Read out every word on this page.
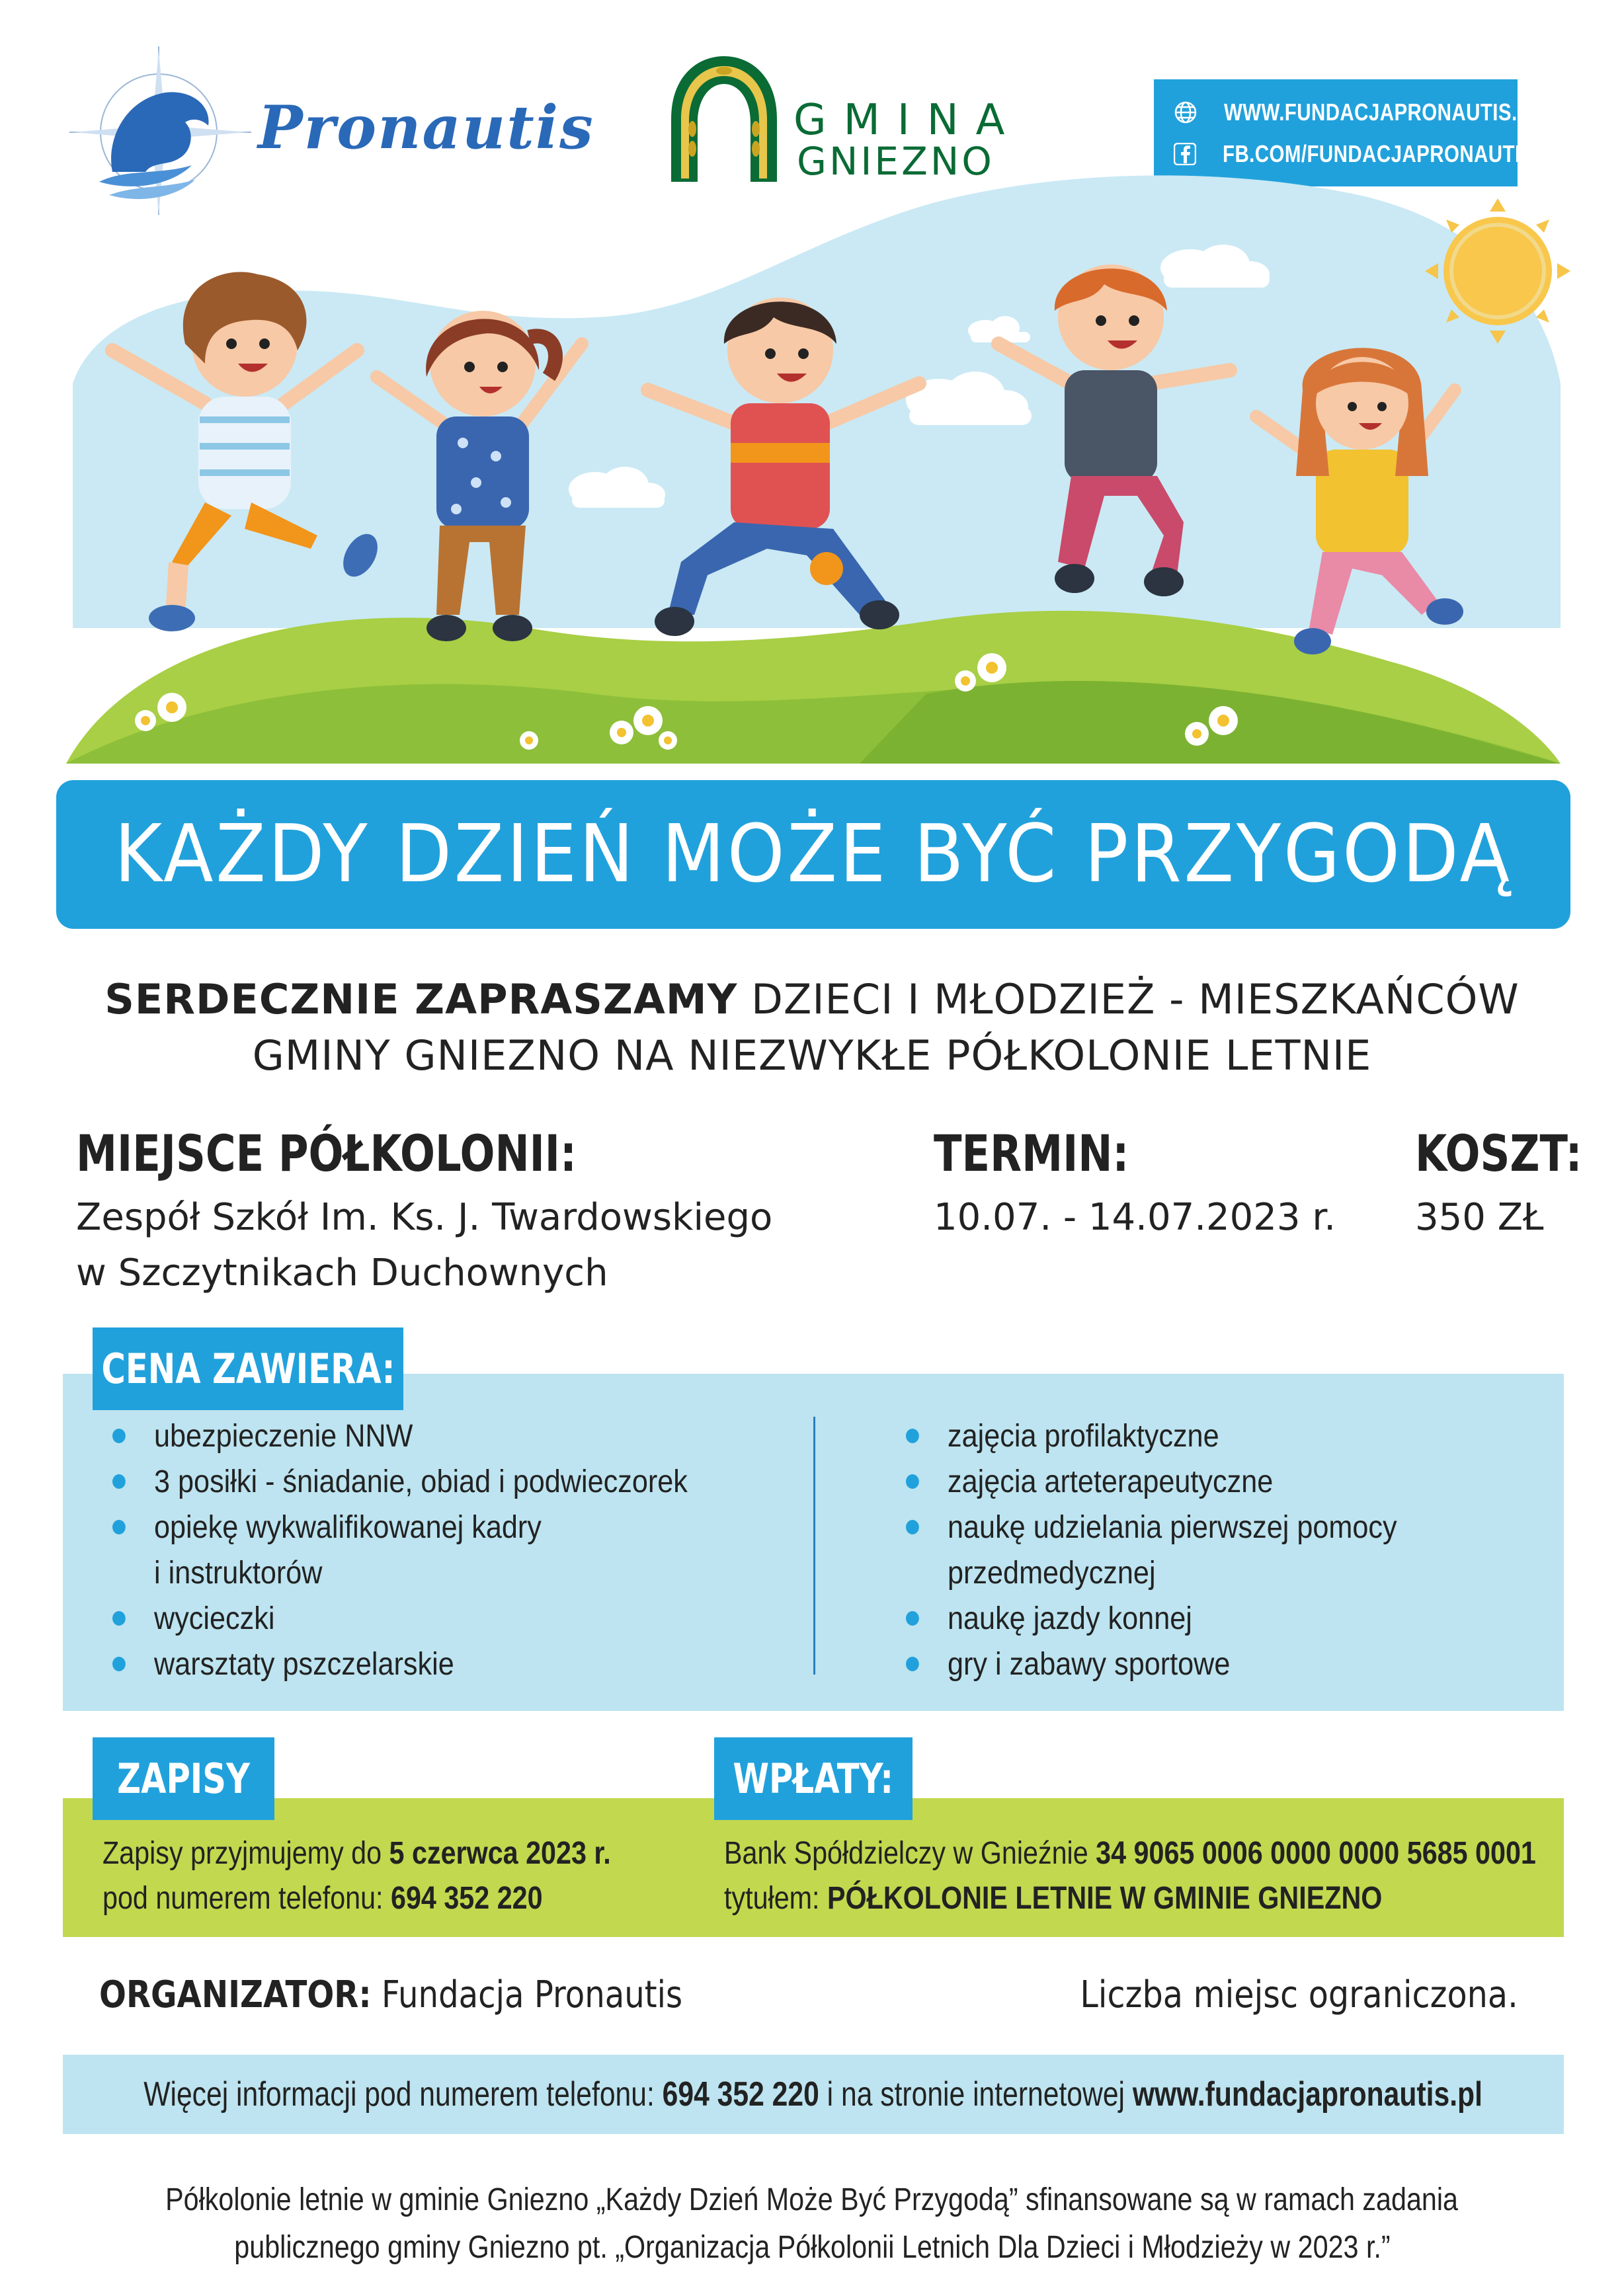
Pronautis	GMINA
GNIEZNO
WWW.FUNDACJAPRONAUTIS.PL
FB.COM/FUNDACJAPRONAUTIS
KAŻDY DZIEŃ MOŻE BYĆ PRZYGODĄ
SERDECZNIE ZAPRASZAMY DZIECI I MŁODZIEŻ - MIESZKAŃCÓW
GMINY GNIEZNO NA NIEZWYKŁE PÓŁKOLONIE LETNIE
MIEJSCE PÓŁKOLONII:
Zespół Szkół Im. Ks. J. Twardowskiego
w Szczytnikach Duchownych
TERMIN:
10.07. - 14.07.2023 r.
KOSZT:
350 ZŁ
ubezpieczenie NNW
3 posiłki - śniadanie, obiad i podwieczorek
opiekę wykwalifikowanej kadry
i instruktorów
wycieczki
warsztaty pszczelarskie
zajęcia profilaktyczne
zajęcia arteterapeutyczne
naukę udzielania pierwszej pomocy
przedmedycznej
naukę jazdy konnej
gry i zabawy sportowe
CENA ZAWIERA:

Zapisy przyjmujemy do 5 czerwca 2023 r.

pod numerem telefonu: 694 352 220

ZAPISY

Bank Spółdzielczy w Gnieźnie 34 9065 0006 0000 0000 5685 0001

tytułem: PÓŁKOLONIE LETNIE W GMINIE GNIEZNO

WPŁATY:
ORGANIZATOR: Fundacja Pronautis	Liczba miejsc ograniczona.

Więcej informacji pod numerem telefonu: 694 352 220 i na stronie internetowej www.fundacjapronautis.pl

Półkolonie letnie w gminie Gniezno „Każdy Dzień Może Być Przygodą” sfinansowane są w ramach zadania
publicznego gminy Gniezno pt. „Organizacja Półkolonii Letnich Dla Dzieci i Młodzieży w 2023 r.”
